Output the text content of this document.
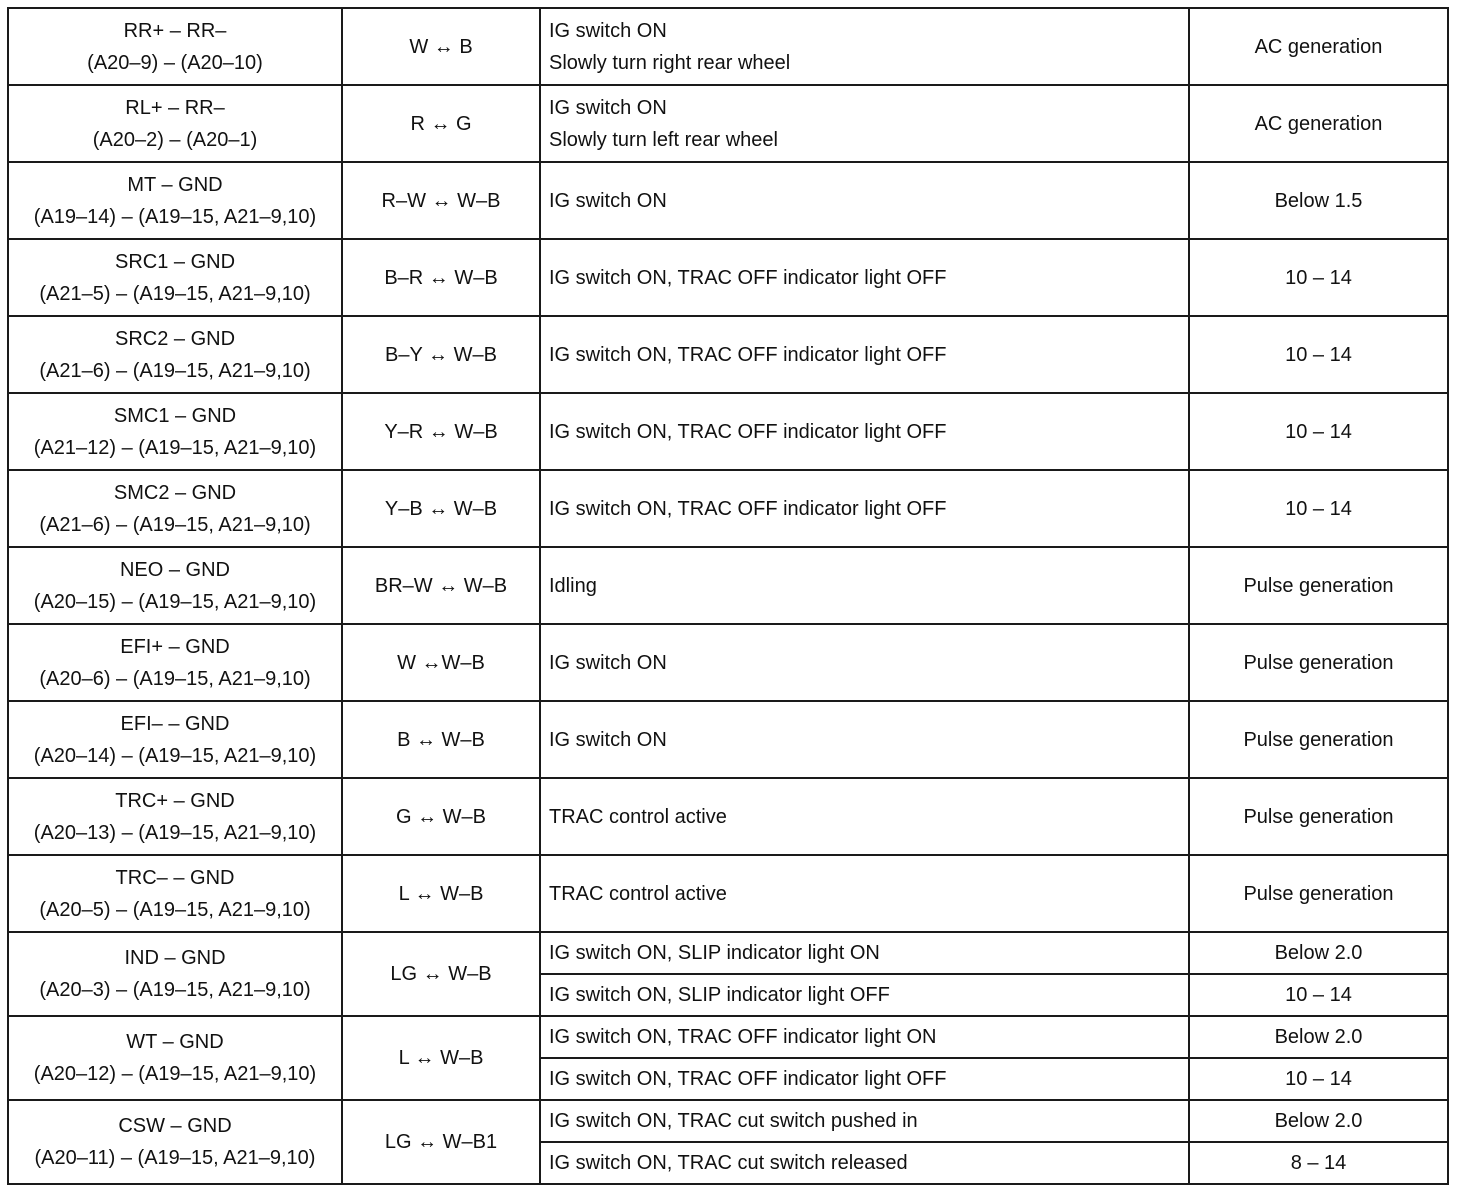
RR+ – RR–
(A20–9) – (A20–10)	W ↔ B	IG switch ON
Slowly turn right rear wheel	AC generation

RL+ – RR–
(A20–2) – (A20–1)	R ↔ G	IG switch ON
Slowly turn left rear wheel	AC generation

MT – GND
(A19–14) – (A19–15, A21–9,10)	R–W ↔ W–B	IG switch ON	Below 1.5

SRC1 – GND
(A21–5) – (A19–15, A21–9,10)	B–R ↔ W–B	IG switch ON, TRAC OFF indicator light OFF	10 – 14

SRC2 – GND
(A21–6) – (A19–15, A21–9,10)	B–Y ↔ W–B	IG switch ON, TRAC OFF indicator light OFF	10 – 14

SMC1 – GND
(A21–12) – (A19–15, A21–9,10)	Y–R ↔ W–B	IG switch ON, TRAC OFF indicator light OFF	10 – 14

SMC2 – GND
(A21–6) – (A19–15, A21–9,10)	Y–B ↔ W–B	IG switch ON, TRAC OFF indicator light OFF	10 – 14

NEO – GND
(A20–15) – (A19–15, A21–9,10)	BR–W ↔ W–B	Idling	Pulse generation

EFI+ – GND
(A20–6) – (A19–15, A21–9,10)	W ↔W–B	IG switch ON	Pulse generation

EFI– – GND
(A20–14) – (A19–15, A21–9,10)	B ↔ W–B	IG switch ON	Pulse generation

TRC+ – GND
(A20–13) – (A19–15, A21–9,10)	G ↔ W–B	TRAC control active	Pulse generation

TRC– – GND
(A20–5) – (A19–15, A21–9,10)	L ↔ W–B	TRAC control active	Pulse generation

IND – GND
(A20–3) – (A19–15, A21–9,10)	LG ↔ W–B	IG switch ON, SLIP indicator light ON	Below 2.0

		IG switch ON, SLIP indicator light OFF	10 – 14

WT – GND
(A20–12) – (A19–15, A21–9,10)	L ↔ W–B	IG switch ON, TRAC OFF indicator light ON	Below 2.0

		IG switch ON, TRAC OFF indicator light OFF	10 – 14

CSW – GND
(A20–11) – (A19–15, A21–9,10)	LG ↔ W–B1	IG switch ON, TRAC cut switch pushed in	Below 2.0

		IG switch ON, TRAC cut switch released	8 – 14
